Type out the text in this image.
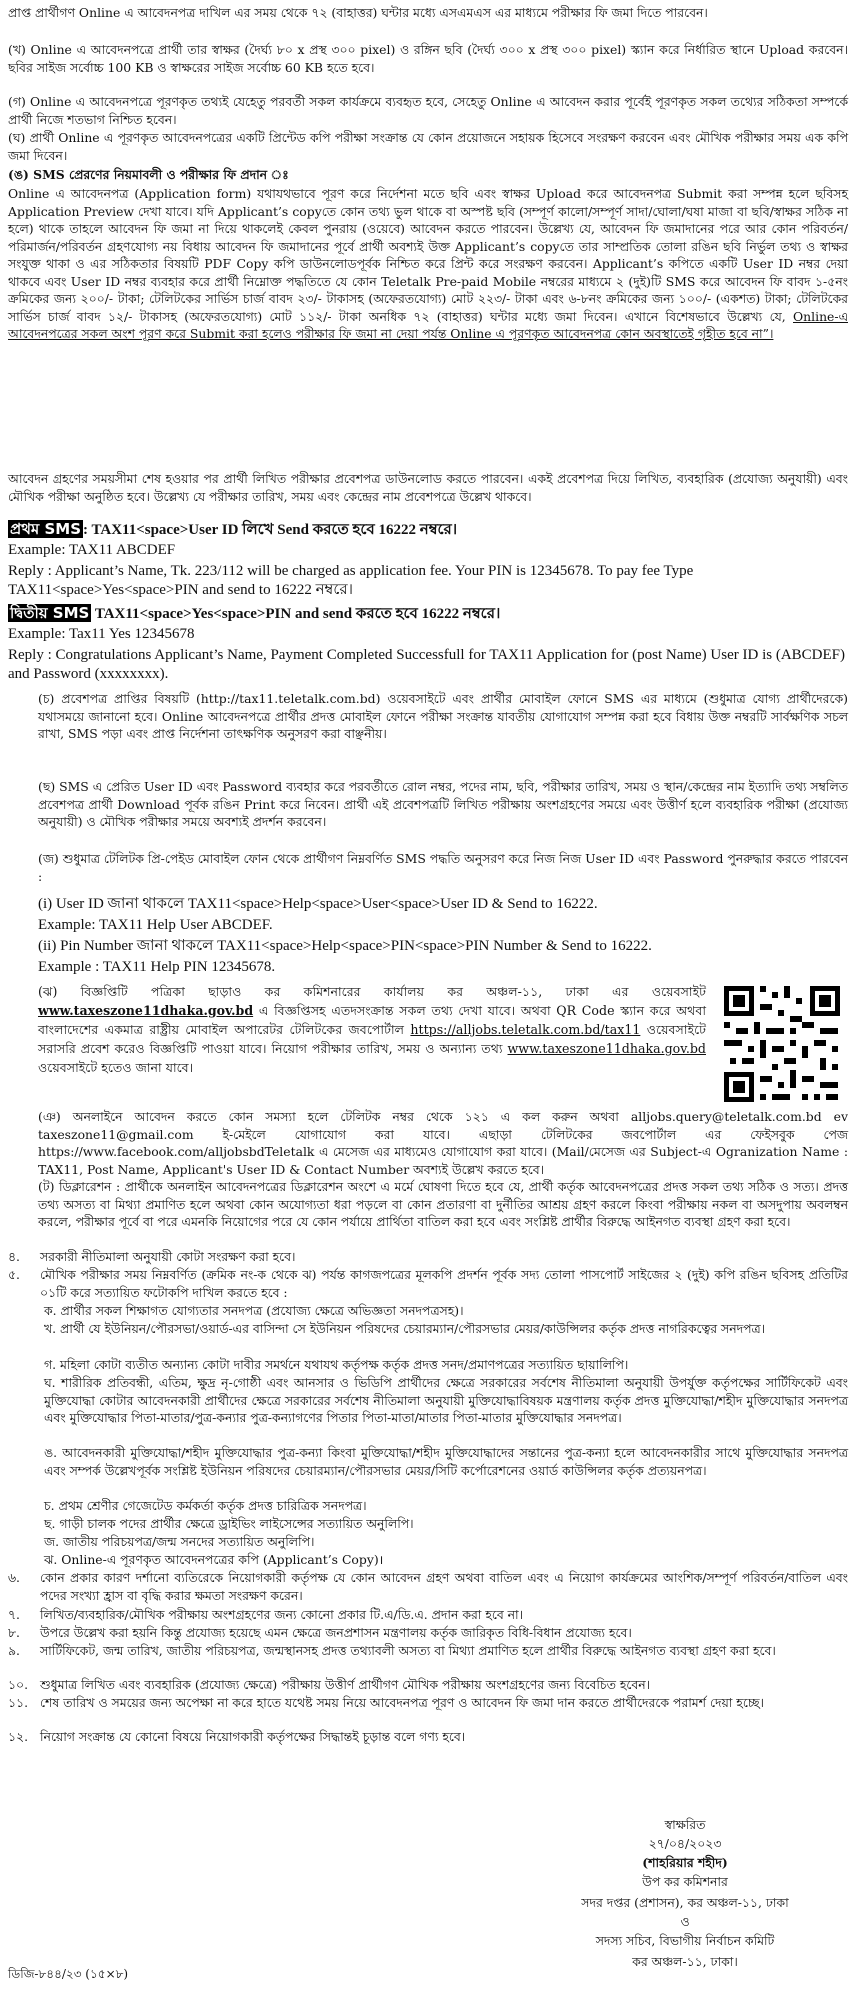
প্রাপ্ত প্রার্থীগণ Online এ আবেদনপত্র দাখিল এর সময় থেকে ৭২ (বাহাত্তর) ঘন্টার মধ্যে এসএমএস এর মাধ্যমে পরীক্ষার ফি জমা দিতে পারবেন।
(খ) Online এ আবেদনপত্রে প্রার্থী তার স্বাক্ষর (দৈর্ঘ্য ৮০ x প্রস্থ ৩০০ pixel) ও রঙ্গিন ছবি (দৈর্ঘ্য ৩০০ x প্রস্থ ৩০০ pixel) স্ক্যান করে নির্ধারিত স্থানে Upload করবেন। ছবির সাইজ সর্বোচ্চ 100 KB ও স্বাক্ষরের সাইজ সর্বোচ্চ 60 KB হতে হবে।
(গ) Online এ আবেদনপত্রে পূরণকৃত তথ্যই যেহেতু পরবর্তী সকল কার্যক্রমে ব্যবহৃত হবে, সেহেতু Online এ আবেদন করার পূর্বেই পূরণকৃত সকল তথ্যের সঠিকতা সম্পর্কে প্রার্থী নিজে শতভাগ নিশ্চিত হবেন।
(ঘ) প্রার্থী Online এ পূরণকৃত আবেদনপত্রের একটি প্রিন্টেড কপি পরীক্ষা সংক্রান্ত যে কোন প্রয়োজনে সহায়ক হিসেবে সংরক্ষণ করবেন এবং মৌখিক পরীক্ষার সময় এক কপি জমা দিবেন।
(ঙ) SMS প্রেরণের নিয়মাবলী ও পরীক্ষার ফি প্রদান ঃ
Online এ আবেদনপত্র (Application form) যথাযথভাবে পূরণ করে নির্দেশনা মতে ছবি এবং স্বাক্ষর Upload করে আবেদনপত্র Submit করা সম্পন্ন হলে ছবিসহ Application Preview দেখা যাবে। যদি Applicant’s copyতে কোন তথ্য ভুল থাকে বা অস্পষ্ট ছবি (সম্পূর্ণ কালো/সম্পূর্ণ সাদা/ঘোলা/ঘষা মাজা বা ছবি/স্বাক্ষর সঠিক না হলে) থাকে তাহলে আবেদন ফি জমা না দিয়ে থাকলেই কেবল পুনরায় (ওয়েবে) আবেদন করতে পারবেন। উল্লেখ্য যে, আবেদন ফি জমাদানের পরে আর কোন পরিবর্তন/পরিমার্জন/পরিবর্তন গ্রহণযোগ্য নয় বিধায় আবেদন ফি জমাদানের পূর্বে প্রার্থী অবশ্যই উক্ত Applicant’s copyতে তার সাম্প্রতিক তোলা রঙিন ছবি নির্ভুল তথ্য ও স্বাক্ষর সংযুক্ত থাকা ও এর সঠিকতার বিষয়টি PDF Copy কপি ডাউনলোডপূর্বক নিশ্চিত করে প্রিন্ট করে সংরক্ষণ করবেন। Applicant’s কপিতে একটি User ID নম্বর দেয়া থাকবে এবং User ID নম্বর ব্যবহার করে প্রার্থী নিম্নোক্ত পদ্ধতিতে যে কোন Teletalk Pre-paid Mobile নম্বরের মাধ্যমে ২ (দুই)টি SMS করে আবেদন ফি বাবদ ১-৫নং ক্রমিকের জন্য ২০০/- টাকা; টেলিটকের সার্ভিস চার্জ বাবদ ২৩/- টাকাসহ (অফেরতযোগ্য) মোট ২২৩/- টাকা এবং ৬-৮নং ক্রমিকের জন্য ১০০/- (একশত) টাকা; টেলিটকের সার্ভিস চার্জ বাবদ ১২/- টাকাসহ (অফেরতযোগ্য) মোট ১১২/- টাকা অনধিক ৭২ (বাহাত্তর) ঘন্টার মধ্যে জমা দিবেন। এখানে বিশেষভাবে উল্লেখ্য যে, Online-এ আবেদনপত্রের সকল অংশ পূরণ করে Submit করা হলেও পরীক্ষার ফি জমা না দেয়া পর্যন্ত Online এ পূরণকৃত আবেদনপত্র কোন অবস্থাতেই গৃহীত হবে না”।
আবেদন গ্রহণের সময়সীমা শেষ হওয়ার পর প্রার্থী লিখিত পরীক্ষার প্রবেশপত্র ডাউনলোড করতে পারবেন। একই প্রবেশপত্র দিয়ে লিখিত, ব্যবহারিক (প্রযোজ্য অনুযায়ী) এবং মৌখিক পরীক্ষা অনুষ্ঠিত হবে। উল্লেখ্য যে পরীক্ষার তারিখ, সময় এবং কেন্দ্রের নাম প্রবেশপত্রে উল্লেখ থাকবে।
প্রথম SMS : TAX11<space>User ID লিখে Send করতে হবে 16222 নম্বরে।
Example: TAX11 ABCDEF
Reply : Applicant’s Name, Tk. 223/112 will be charged as application fee. Your PIN is 12345678. To pay fee Type TAX11<space>Yes<space>PIN and send to 16222 নম্বরে।
দ্বিতীয় SMS TAX11<space>Yes<space>PIN and send করতে হবে 16222 নম্বরে।
Example: Tax11 Yes 12345678
Reply : Congratulations Applicant’s Name, Payment Completed Successfull for TAX11 Application for (post Name) User ID is (ABCDEF) and Password (xxxxxxxx).
(চ) প্রবেশপত্র প্রাপ্তির বিষয়টি (http://tax11.teletalk.com.bd) ওয়েবসাইটে এবং প্রার্থীর মোবাইল ফোনে SMS এর মাধ্যমে (শুধুমাত্র যোগ্য প্রার্থীদেরকে) যথাসময়ে জানানো হবে। Online আবেদনপত্রে প্রার্থীর প্রদত্ত মোবাইল ফোনে পরীক্ষা সংক্রান্ত যাবতীয় যোগাযোগ সম্পন্ন করা হবে বিধায় উক্ত নম্বরটি সার্বক্ষণিক সচল রাখা, SMS পড়া এবং প্রাপ্ত নির্দেশনা তাৎক্ষণিক অনুসরণ করা বাঞ্ছনীয়।
(ছ) SMS এ প্রেরিত User ID এবং Password ব্যবহার করে পরবর্তীতে রোল নম্বর, পদের নাম, ছবি, পরীক্ষার তারিখ, সময় ও স্থান/কেন্দ্রের নাম ইত্যাদি তথ্য সম্বলিত প্রবেশপত্র প্রার্থী Download পূর্বক রঙিন Print করে নিবেন। প্রার্থী এই প্রবেশপত্রটি লিখিত পরীক্ষায় অংশগ্রহণের সময়ে এবং উত্তীর্ণ হলে ব্যবহারিক পরীক্ষা (প্রযোজ্য অনুযায়ী) ও মৌখিক পরীক্ষার সময়ে অবশ্যই প্রদর্শন করবেন।
(জ) শুধুমাত্র টেলিটক প্রি-পেইড মোবাইল ফোন থেকে প্রার্থীগণ নিম্নবর্ণিত SMS পদ্ধতি অনুসরণ করে নিজ নিজ User ID এবং Password পুনরুদ্ধার করতে পারবেন :
(i) User ID জানা থাকলে TAX11<space>Help<space>User<space>User ID & Send to 16222.
Example: TAX11 Help User ABCDEF.
(ii) Pin Number জানা থাকলে TAX11<space>Help<space>PIN<space>PIN Number & Send to 16222.
Example : TAX11 Help PIN 12345678.
(ঝ) বিজ্ঞপ্তিটি পত্রিকা ছাড়াও কর কমিশনারের কার্যালয় কর অঞ্চল-১১, ঢাকা এর ওয়েবসাইট www.taxeszone11dhaka.gov.bd এ বিজ্ঞপ্তিসহ এতদসংক্রান্ত সকল তথ্য দেখা যাবে। অথবা QR Code স্ক্যান করে অথবা বাংলাদেশের একমাত্র রাষ্ট্রীয় মোবাইল অপারেটর টেলিটকের জবপোর্টাল https://alljobs.teletalk.com.bd/tax11 ওয়েবসাইটে সরাসরি প্রবেশ করেও বিজ্ঞপ্তিটি পাওয়া যাবে। নিয়োগ পরীক্ষার তারিখ, সময় ও অন্যান্য তথ্য www.taxeszone11dhaka.gov.bd ওয়েবসাইটে হতেও জানা যাবে।
(ঞ) অনলাইনে আবেদন করতে কোন সমস্যা হলে টেলিটক নম্বর থেকে ১২১ এ কল করুন অথবা alljobs.query@teletalk.com.bd ev taxeszone11@gmail.com ই-মেইলে যোগাযোগ করা যাবে। এছাড়া টেলিটকের জবপোর্টাল এর ফেইসবুক পেজ https://www.facebook.com/alljobsbdTeletalk এ মেসেজ এর মাধ্যমেও যোগাযোগ করা যাবে। (Mail/মেসেজ এর Subject-এ Ogranization Name : TAX11, Post Name, Applicant's User ID & Contact Number অবশ্যই উল্লেখ করতে হবে।
(ট) ডিক্লারেশন : প্রার্থীকে অনলাইন আবেদনপত্রের ডিক্লারেশন অংশে এ মর্মে ঘোষণা দিতে হবে যে, প্রার্থী কর্তৃক আবেদনপত্রের প্রদত্ত সকল তথ্য সঠিক ও সত্য। প্রদত্ত তথ্য অসত্য বা মিথ্যা প্রমাণিত হলে অথবা কোন অযোগ্যতা ধরা পড়লে বা কোন প্রতারণা বা দুর্নীতির আশ্রয় গ্রহণ করলে কিংবা পরীক্ষায় নকল বা অসদুপায় অবলম্বন করলে, পরীক্ষার পূর্বে বা পরে এমনকি নিয়োগের পরে যে কোন পর্যায়ে প্রার্থিতা বাতিল করা হবে এবং সংশ্লিষ্ট প্রার্থীর বিরুদ্ধে আইনগত ব্যবস্থা গ্রহণ করা হবে।
৪.	সরকারী নীতিমালা অনুযায়ী কোটা সংরক্ষণ করা হবে।
৫.	মৌখিক পরীক্ষার সময় নিম্নবর্ণিত (ক্রমিক নং-ক থেকে ঝ) পর্যন্ত কাগজপত্রের মূলকপি প্রদর্শন পূর্বক সদ্য তোলা পাসপোর্ট সাইজের ২ (দুই) কপি রঙিন ছবিসহ প্রতিটির ০১টি করে সত্যায়িত ফটোকপি দাখিল করতে হবে :
ক. প্রার্থীর সকল শিক্ষাগত যোগ্যতার সনদপত্র (প্রযোজ্য ক্ষেত্রে অভিজ্ঞতা সনদপত্রসহ)।
খ. প্রার্থী যে ইউনিয়ন/পৌরসভা/ওয়ার্ড-এর বাসিন্দা সে ইউনিয়ন পরিষদের চেয়ারম্যান/পৌরসভার মেয়র/কাউন্সিলর কর্তৃক প্রদত্ত নাগরিকত্বের সনদপত্র।
গ. মহিলা কোটা ব্যতীত অন্যান্য কোটা দাবীর সমর্থনে যথাযথ কর্তৃপক্ষ কর্তৃক প্রদত্ত সনদ/প্রমাণপত্রের সত্যায়িত ছায়ালিপি।
ঘ. শারীরিক প্রতিবন্ধী, এতিম, ক্ষুদ্র নৃ-গোষ্ঠী এবং আনসার ও ভিডিপি প্রার্থীদের ক্ষেত্রে সরকারের সর্বশেষ নীতিমালা অনুযায়ী উপর্যুক্ত কর্তৃপক্ষের সার্টিফিকেট এবং মুক্তিযোদ্ধা কোটার আবেদনকারী প্রার্থীদের ক্ষেত্রে সরকারের সর্বশেষ নীতিমালা অনুযায়ী মুক্তিযোদ্ধাবিষয়ক মন্ত্রণালয় কর্তৃক প্রদত্ত মুক্তিযোদ্ধা/শহীদ মুক্তিযোদ্ধার সনদপত্র এবং মুক্তিযোদ্ধার পিতা-মাতার/পুত্র-কন্যার পুত্র-কন্যাগণের পিতার পিতা-মাতা/মাতার পিতা-মাতার মুক্তিযোদ্ধার সনদপত্র।
ঙ. আবেদনকারী মুক্তিযোদ্ধা/শহীদ মুক্তিযোদ্ধার পুত্র-কন্যা কিংবা মুক্তিযোদ্ধা/শহীদ মুক্তিযোদ্ধাদের সন্তানের পুত্র-কন্যা হলে আবেদনকারীর সাথে মুক্তিযোদ্ধার সনদপত্র এবং সম্পর্ক উল্লেখপূর্বক সংশ্লিষ্ট ইউনিয়ন পরিষদের চেয়ারম্যান/পৌরসভার মেয়র/সিটি কর্পোরেশনের ওয়ার্ড কাউন্সিলর কর্তৃক প্রত্যয়নপত্র।
চ. প্রথম শ্রেণীর গেজেটেড কর্মকর্তা কর্তৃক প্রদত্ত চারিত্রিক সনদপত্র।
ছ. গাড়ী চালক পদের প্রার্থীর ক্ষেত্রে ড্রাইভিং লাইসেন্সের সত্যায়িত অনুলিপি।
জ. জাতীয় পরিচয়পত্র/জন্ম সনদের সত্যায়িত অনুলিপি।
ঝ. Online-এ পূরণকৃত আবেদনপত্রের কপি (Applicant’s Copy)।
৬.	কোন প্রকার কারণ দর্শানো ব্যতিরেকে নিয়োগকারী কর্তৃপক্ষ যে কোন আবেদন গ্রহণ অথবা বাতিল এবং এ নিয়োগ কার্যক্রমের আংশিক/সম্পূর্ণ পরিবর্তন/বাতিল এবং পদের সংখ্যা হ্রাস বা বৃদ্ধি করার ক্ষমতা সংরক্ষণ করেন।
৭.	লিখিত/ব্যবহারিক/মৌখিক পরীক্ষায় অংশগ্রহণের জন্য কোনো প্রকার টি.এ/ডি.এ. প্রদান করা হবে না।
৮.	উপরে উল্লেখ করা হয়নি কিন্তু প্রযোজ্য হয়েছে এমন ক্ষেত্রে জনপ্রশাসন মন্ত্রণালয় কর্তৃক জারিকৃত বিধি-বিধান প্রযোজ্য হবে।
৯.	সার্টিফিকেট, জন্ম তারিখ, জাতীয় পরিচয়পত্র, জন্মস্থানসহ প্রদত্ত তথ্যাবলী অসত্য বা মিথ্যা প্রমাণিত হলে প্রার্থীর বিরুদ্ধে আইনগত ব্যবস্থা গ্রহণ করা হবে।
১০. শুধুমাত্র লিখিত এবং ব্যবহারিক (প্রযোজ্য ক্ষেত্রে) পরীক্ষায় উত্তীর্ণ প্রার্থীগণ মৌখিক পরীক্ষায় অংশগ্রহণের জন্য বিবেচিত হবেন।
১১. শেষ তারিখ ও সময়ের জন্য অপেক্ষা না করে হাতে যথেষ্ট সময় নিয়ে আবেদনপত্র পূরণ ও আবেদন ফি জমা দান করতে প্রার্থীদেরকে পরামর্শ দেয়া হচ্ছে।
১২. নিয়োগ সংক্রান্ত যে কোনো বিষয়ে নিয়োগকারী কর্তৃপক্ষের সিদ্ধান্তই চূড়ান্ত বলে গণ্য হবে।
স্বাক্ষরিত
২৭/০৪/২০২৩
(শাহরিয়ার শহীদ)
উপ কর কমিশনার
সদর দপ্তর (প্রশাসন), কর অঞ্চল-১১, ঢাকা
ও
সদস্য সচিব, বিভাগীয় নির্বাচন কমিটি
কর অঞ্চল-১১, ঢাকা।
ডিজি-৮৪৪/২৩ (১৫×৮)
